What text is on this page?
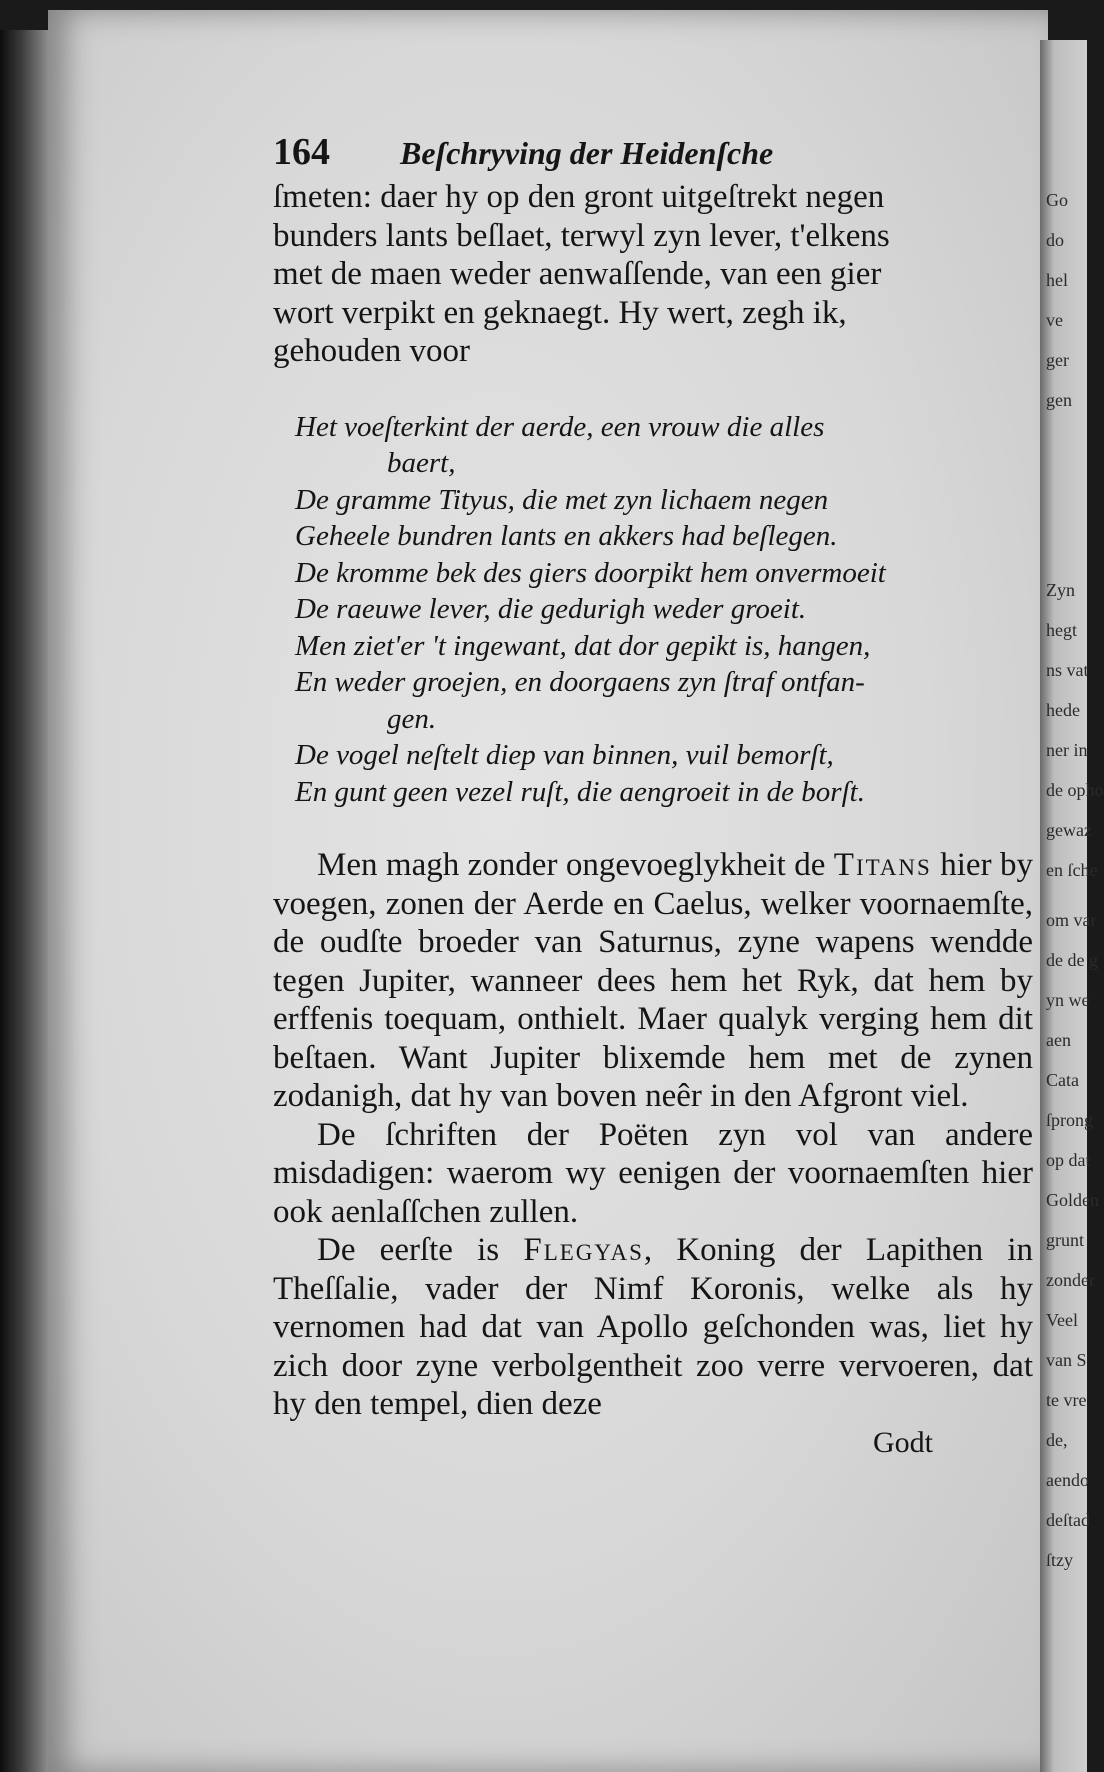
164 Beſchryving der Heidenſche
ſmeten: daer hy op den gront uitgeſtrekt negen
bunders lants beſlaet, terwyl zyn lever, t'elkens
met de maen weder aenwaſſende, van een gier
wort verpikt en geknaegt. Hy wert, zegh ik,
gehouden voor
Het voeſterkint der aerde, een vrouw die alles
baert,
De gramme Tityus, die met zyn lichaem negen
Geheele bundren lants en akkers had beſlegen.
De kromme bek des giers doorpikt hem onvermoeit
De raeuwe lever, die gedurigh weder groeit.
Men ziet'er 't ingewant, dat dor gepikt is, hangen,
En weder groejen, en doorgaens zyn ſtraf ontfan-
gen.
De vogel neſtelt diep van binnen, vuil bemorſt,
En gunt geen vezel ruſt, die aengroeit in de borſt.

Men magh zonder ongevoeglykheit de Titans hier by voegen, zonen der Aerde en Caelus, welker voornaemſte, de oudſte broeder van Saturnus, zyne wapens wendde tegen Jupiter, wanneer dees hem het Ryk, dat hem by erffenis toequam, onthielt. Maer qualyk verging hem dit beſtaen. Want Jupiter blixemde hem met de zynen zodanigh, dat hy van boven neêr in den Afgront viel.

De ſchriften der Poëten zyn vol van andere misdadigen: waerom wy eenigen der voornaemſten hier ook aenlaſſchen zullen.

De eerſte is Flegyas, Koning der Lapithen in Theſſalie, vader der Nimf Koronis, welke als hy vernomen had dat van Apollo geſchonden was, liet hy zich door zyne verbolgentheit zoo verre vervoeren, dat hy den tempel, dien deze

Godt
Go
do
hel
ve
ger
gen
Zyn
hegt
ns vat
hede
ner in
de opho
gewaz
en ſche
om var
de de g
yn we
aen
Cata
ſprong
op dat
Golden
grunt
zonder
Veel
van S
te vre
de,
aendo
deſtad
ſtzy
